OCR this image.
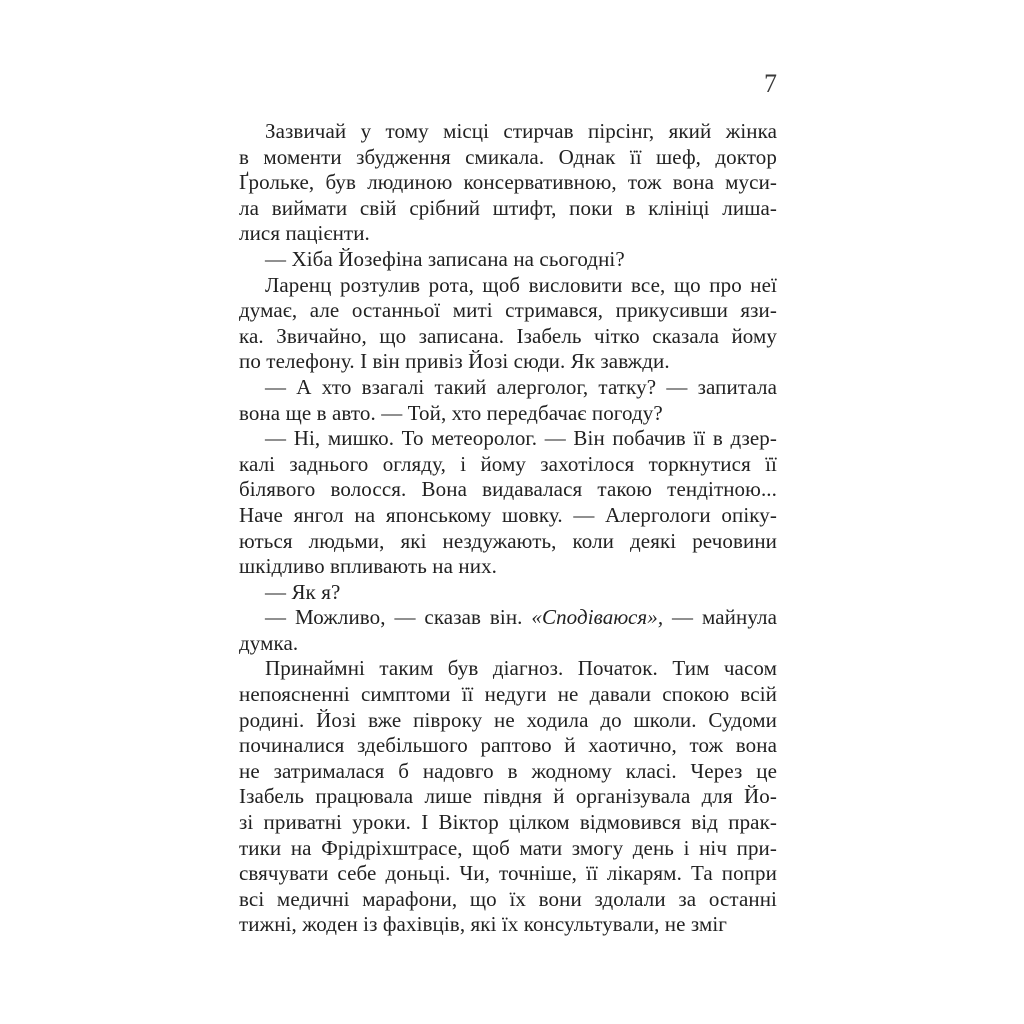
7
Зазвичай у тому місці стирчав пірсінг, який жінка
в моменти збудження смикала. Однак її шеф, доктор
Ґрольке, був людиною консервативною, тож вона муси-
ла виймати свій срібний штифт, поки в клініці лиша-
лися пацієнти.
— Хіба Йозефіна записана на сьогодні?
Ларенц розтулив рота, щоб висловити все, що про неї
думає, але останньої миті стримався, прикусивши язи-
ка. Звичайно, що записана. Ізабель чітко сказала йому
по телефону. І він привіз Йозі сюди. Як завжди.
— А хто взагалі такий алерголог, татку? — запитала
вона ще в авто. — Той, хто передбачає погоду?
— Ні, мишко. То метеоролог. — Він побачив її в дзер-
калі заднього огляду, і йому захотілося торкнутися її
білявого волосся. Вона видавалася такою тендітною...
Наче янгол на японському шовку. — Алергологи опіку-
ються людьми, які нездужають, коли деякі речовини
шкідливо впливають на них.
— Як я?
— Можливо, — сказав він. «Сподіваюся», — майнула
думка.
Принаймні таким був діагноз. Початок. Тим часом
непоясненні симптоми її недуги не давали спокою всій
родині. Йозі вже півроку не ходила до школи. Судоми
починалися здебільшого раптово й хаотично, тож вона
не затрималася б надовго в жодному класі. Через це
Ізабель працювала лише півдня й організувала для Йо-
зі приватні уроки. І Віктор цілком відмовився від прак-
тики на Фрідріхштрасе, щоб мати змогу день і ніч при-
свячувати себе доньці. Чи, точніше, її лікарям. Та попри
всі медичні марафони, що їх вони здолали за останні
тижні, жоден із фахівців, які їх консультували, не зміг
